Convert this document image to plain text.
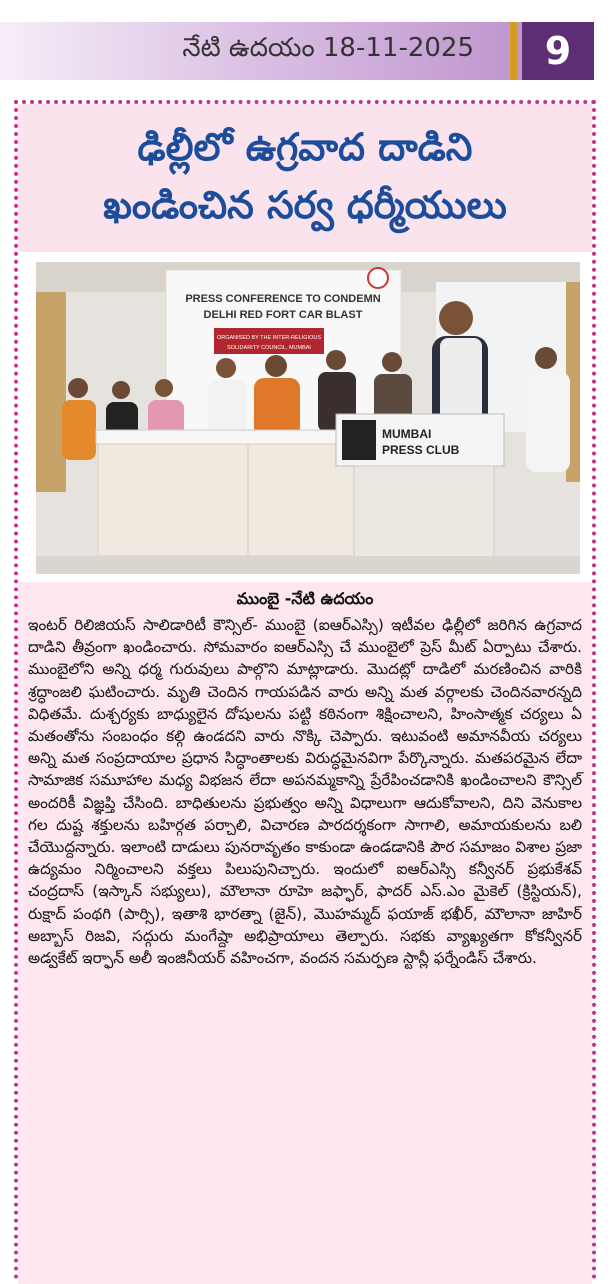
నేటి ఉదయం 18-11-2025	9
ఢిల్లీలో ఉగ్రవాద దాడిని
ఖండించిన సర్వ ధర్మీయులు
PRESS CONFERENCE TO CONDEMN
DELHI RED FORT CAR BLAST
ORGANISED BY THE INTER-RELIGIOUS
SOLIDARITY COUNCIL, MUMBAI
MUMBAI
PRESS CLUB
ముంబై -నేటి ఉదయం

ఇంటర్ రిలిజియస్ సాలిడారిటీ కౌన్సిల్- ముంబై (ఐఆర్ఎస్సి) ఇటీవల ఢిల్లీలో జరిగిన ఉగ్రవాద దాడిని తీవ్రంగా ఖండించారు. సోమవారం ఐఆర్ఎస్సి చే ముంబైలో ప్రెస్ మీట్ ఏర్పాటు చేశారు. ముంబైలోని అన్ని ధర్మ గురువులు పాల్గొని మాట్లాడారు. మొదట్లో దాడిలో మరణించిన వారికి శ్రద్ధాంజలి ఘటించారు. మృతి చెందిన గాయపడిన వారు అన్ని మత వర్గాలకు చెందినవారన్నది విధితమే. దుశ్చర్యకు బాధ్యులైన దోషులను పట్టి కఠినంగా శిక్షించాలని, హింసాత్మక చర్యలు ఏ మతంతోను సంబంధం కల్గి ఉండదని వారు నొక్కి చెప్పారు. ఇటువంటి అమానవీయ చర్యలు అన్ని మత సంప్రదాయాల ప్రధాన సిద్ధాంతాలకు విరుద్ధమైనవిగా పేర్కొన్నారు. మతపరమైన లేదా సామాజిక సమూహాల మధ్య విభజన లేదా అపనమ్మకాన్ని ప్రేరేపించడానికి ఖండించాలని కౌన్సిల్ అందరికీ విజ్ఞప్తి చేసింది. బాధితులను ప్రభుత్వం అన్ని విధాలుగా ఆదుకోవాలని, దిని వెనుకాల గల దుష్ట శక్తులను బహిర్గత పర్చాలి, విచారణ పారదర్శకంగా సాగాలి, అమాయకులను బలి చేయొద్దన్నారు. ఇలాంటి దాడులు పునరావృతం కాకుండా ఉండడానికి పౌర సమాజం విశాల ప్రజా ఉద్యమం నిర్మించాలని వక్తలు పిలుపునిచ్చారు. ఇందులో ఐఆర్ఎస్సి కన్వీనర్ ప్రభుకేశవ్ చంద్రదాస్ (ఇస్కాన్ సభ్యులు), మౌలానా రూహె జఫ్ఫార్, ఫాదర్ ఎస్.ఎం మైకెల్ (క్రిస్టియన్), రుక్షాద్ పంథగి (పార్సి), ఇతాశి భారత్నా (జైన్), మొహమ్మద్ ఫయాజ్ భఖీర్, మౌలానా జాహిర్ అబ్బాస్ రిజవి, సద్గురు మంగేష్దా అభిప్రాయాలు తెల్పారు. సభకు వ్యాఖ్యతగా కోకన్వీనర్ అడ్వకేట్ ఇర్ఫాన్ అలీ ఇంజినీయర్ వహించగా, వందన సమర్పణ స్టాన్లీ ఫర్నేండిస్ చేశారు.
